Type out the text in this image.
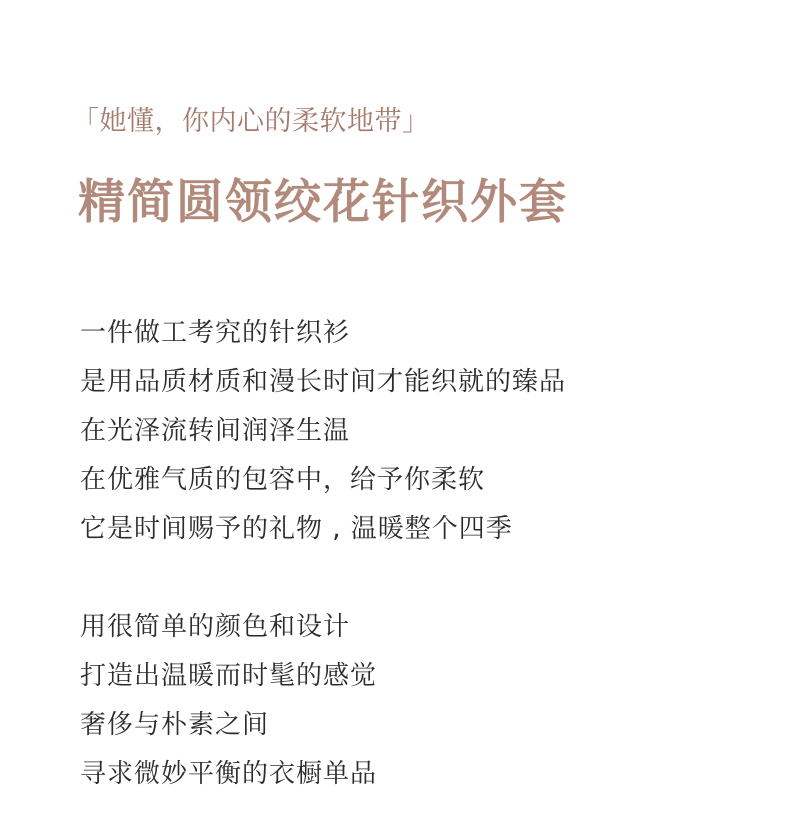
「她懂，你内心的柔软地带」
精简圆领绞花针织外套
一件做工考究的针织衫
是用品质材质和漫长时间才能织就的臻品
在光泽流转间润泽生温
在优雅气质的包容中，给予你柔软
它是时间赐予的礼物 , 温暖整个四季
用很简单的颜色和设计
打造出温暖而时髦的感觉
奢侈与朴素之间
寻求微妙平衡的衣橱单品
